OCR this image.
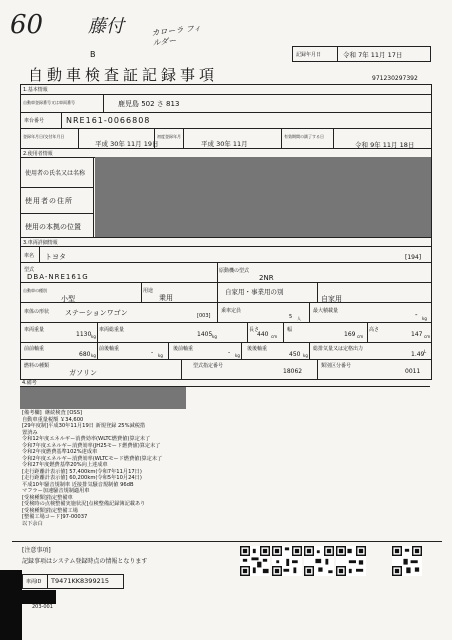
60 藤付	カローラ フィルダー
B	記録年月日	令和 7年 11月 17日
自動車検査証記録事項	971230297392
1.基本情報
自動車登録番号又は車両番号	鹿児島 502 さ 813
車台番号	NRE161-0066808
登録年月日/交付年月日
平成 30年 11月 19日
初度登録年月
平成 30年 11月
有効期間の満了する日
令和 9年 11月 18日
2.使用者情報
使用者の氏名又は名称
使用者の住所
使用の本拠の位置
3.車両詳細情報
車名 トヨタ	[194]
型式
DBA-NRE161G
原動機の型式
2NR
自動車の種別
小型
用途
乗用
自家用・事業用の別
自家用
車体の形状 ステーションワゴン	[003]
乗車定員
5 人
最大積載量	- kg
車両重量
1130 kg
車両総重量
1405 kg
長さ
440 cm
幅
169 cm
高さ
147 cm
前前軸重
680 kg
前後軸重	- kg
後前軸重	- kg
後後軸重
450 kg
総排気量又は定格出力
1.49 L
燃料の種類
ガソリン
型式指定番号
18062
類別区分番号
0011
4.備考
[備考欄]  継続検査 [OSS]
自動車重量税額 ￥34,600
[29年度制]平成30年11月19日 新規登録 25%減税措
置済み
令和12年度エネルギー消費効率(WLTC燃費値)算定未了
令和7年度エネルギー消費効率(JH25モード燃費値)算定未了
令和2年度燃費基準102%達成車
令和2年度エネルギー消費効率(WLTCモード燃費値)算定未了
令和27年度燃費基準20%向上達成車
[走行距離計表示値] 57,400km(令和7年11月17日)
[走行距離計表示値] 60,200km(令和5年10月24日)
平成10年騒音規制車 近接排気騒音規制値 96dB
マフラー加速騒音規制適用車
[受検種類]指定整備車
[受検時の点検整備実施状況]点検整備記録簿記載あり
[受検種類]指定整備工場
[整備工場コード]97-00037
以下余白
[注意事項]
記録事項はシステム登録時点の情報となります
車両ID T9471KK8399215
203-001
